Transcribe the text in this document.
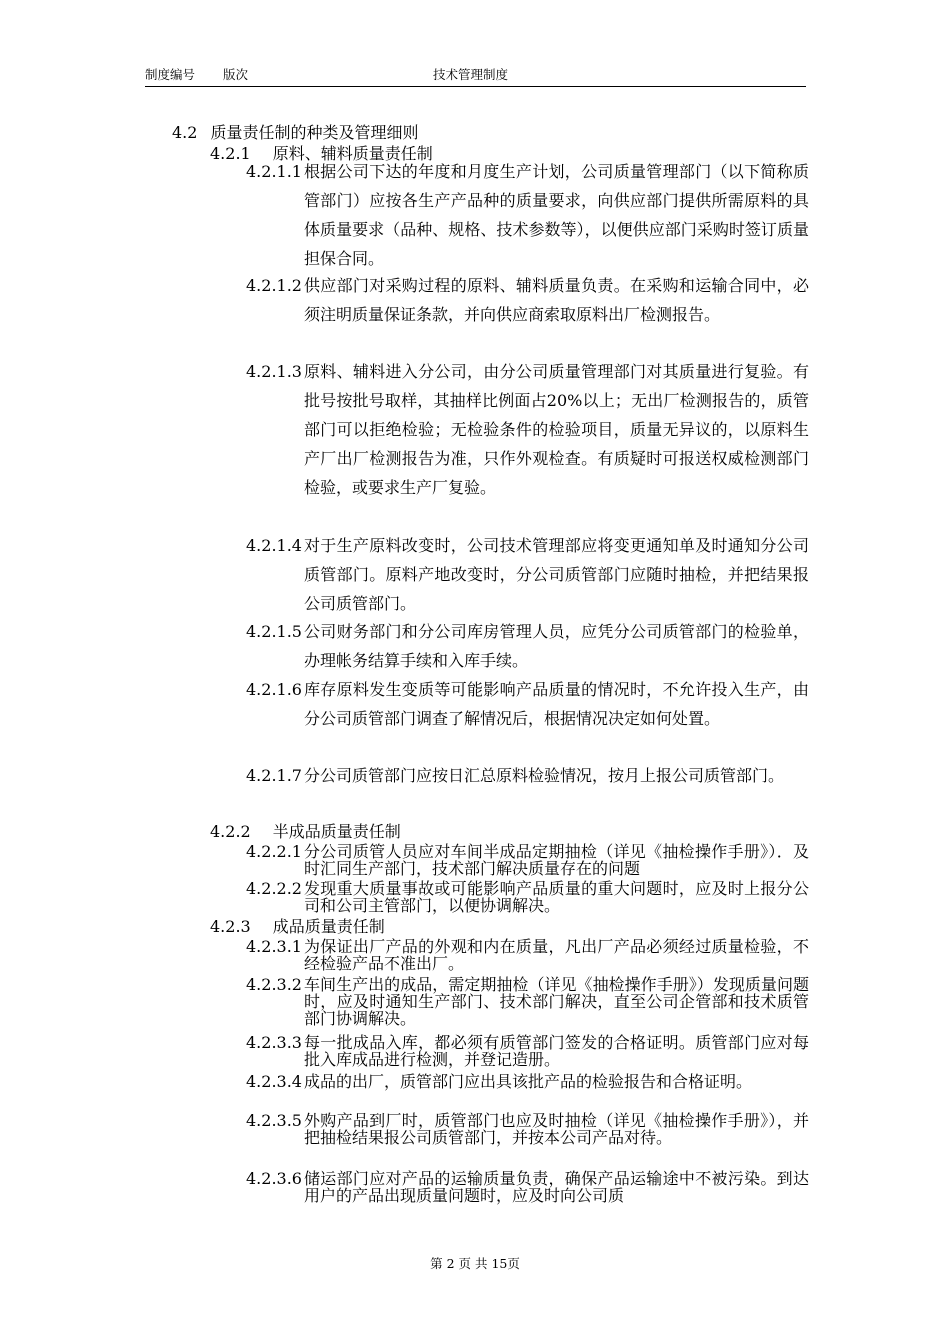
制度编号 版次	技术管理制度
4.2 质量责任制的种类及管理细则
4.2.1 原料、辅料质量责任制
4.2.1.1 根据公司下达的年度和月度生产计划，公司质量管理部门（以下简称质管部门）应按各生产产品种的质量要求，向供应部门提供所需原料的具体质量要求（品种、规格、技术参数等），以便供应部门采购时签订质量担保合同。
4.2.1.2 供应部门对采购过程的原料、辅料质量负责。在采购和运输合同中，必须注明质量保证条款，并向供应商索取原料出厂检测报告。
4.2.1.3 原料、辅料进入分公司，由分公司质量管理部门对其质量进行复验。有批号按批号取样，其抽样比例面占20%以上；无出厂检测报告的，质管部门可以拒绝检验；无检验条件的检验项目，质量无异议的，以原料生产厂出厂检测报告为准，只作外观检查。有质疑时可报送权威检测部门检验，或要求生产厂复验。
4.2.1.4 对于生产原料改变时，公司技术管理部应将变更通知单及时通知分公司质管部门。原料产地改变时，分公司质管部门应随时抽检，并把结果报公司质管部门。
4.2.1.5 公司财务部门和分公司库房管理人员，应凭分公司质管部门的检验单，办理帐务结算手续和入库手续。
4.2.1.6 库存原料发生变质等可能影响产品质量的情况时，不允许投入生产，由分公司质管部门调查了解情况后，根据情况决定如何处置。
4.2.1.7 分公司质管部门应按日汇总原料检验情况，按月上报公司质管部门。
4.2.2 半成品质量责任制
4.2.2.1 分公司质管人员应对车间半成品定期抽检（详见《抽检操作手册》）．及时汇同生产部门，技术部门解决质量存在的问题
4.2.2.2 发现重大质量事故或可能影响产品质量的重大问题时，应及时上报分公司和公司主管部门，以便协调解决。
4.2.3 成品质量责任制
4.2.3.1 为保证出厂产品的外观和内在质量，凡出厂产品必须经过质量检验，不经检验产品不准出厂。
4.2.3.2 车间生产出的成品，需定期抽检（详见《抽检操作手册》）发现质量问题时，应及时通知生产部门、技术部门解决，直至公司企管部和技术质管部门协调解决。
4.2.3.3 每一批成品入库，都必须有质管部门签发的合格证明。质管部门应对每批入库成品进行检测，并登记造册。
4.2.3.4 成品的出厂，质管部门应出具该批产品的检验报告和合格证明。
4.2.3.5 外购产品到厂时，质管部门也应及时抽检（详见《抽检操作手册》），并把抽检结果报公司质管部门，并按本公司产品对待。
4.2.3.6 储运部门应对产品的运输质量负责，确保产品运输途中不被污染。到达用户的产品出现质量问题时，应及时向公司质
第 2 页 共 15页
